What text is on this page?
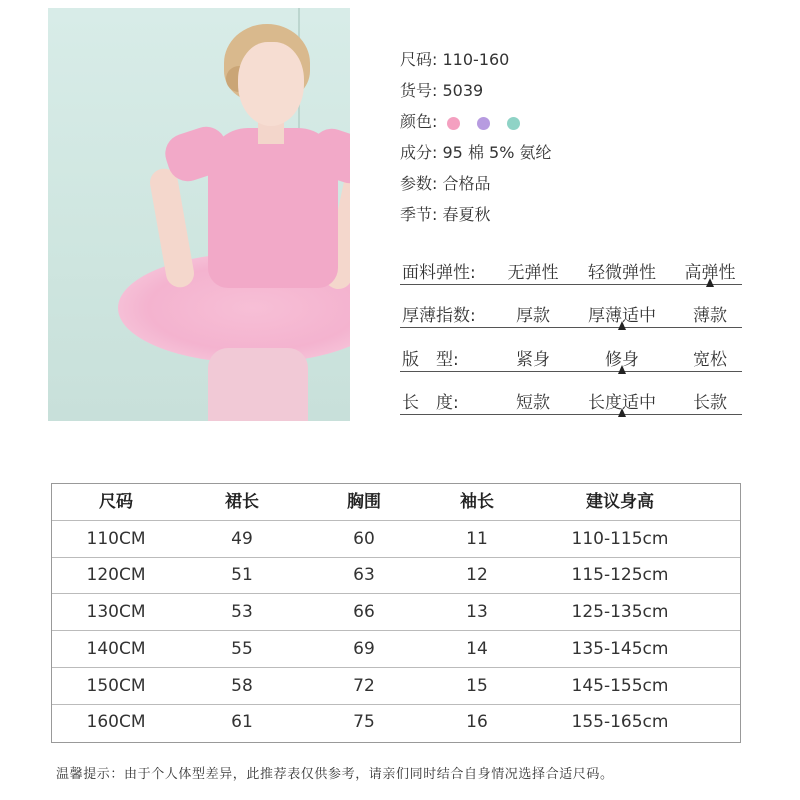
尺码: 110-160
货号: 5039
颜色:
成分: 95 棉 5% 氨纶
参数: 合格品
季节: 春夏秋
面料弹性:	无弹性	轻微弹性	高弹性
厚薄指数:	厚款	厚薄适中	薄款
版　型:	紧身	修身	宽松
长　度:	短款	长度适中	长款
尺码	裙长	胸围	袖长	建议身高
110CM	49	60	11	110-115cm
120CM	51	63	12	115-125cm
130CM	53	66	13	125-135cm
140CM	55	69	14	135-145cm
150CM	58	72	15	145-155cm
160CM	61	75	16	155-165cm
温馨提示：由于个人体型差异，此推荐表仅供参考，请亲们同时结合自身情况选择合适尺码。
